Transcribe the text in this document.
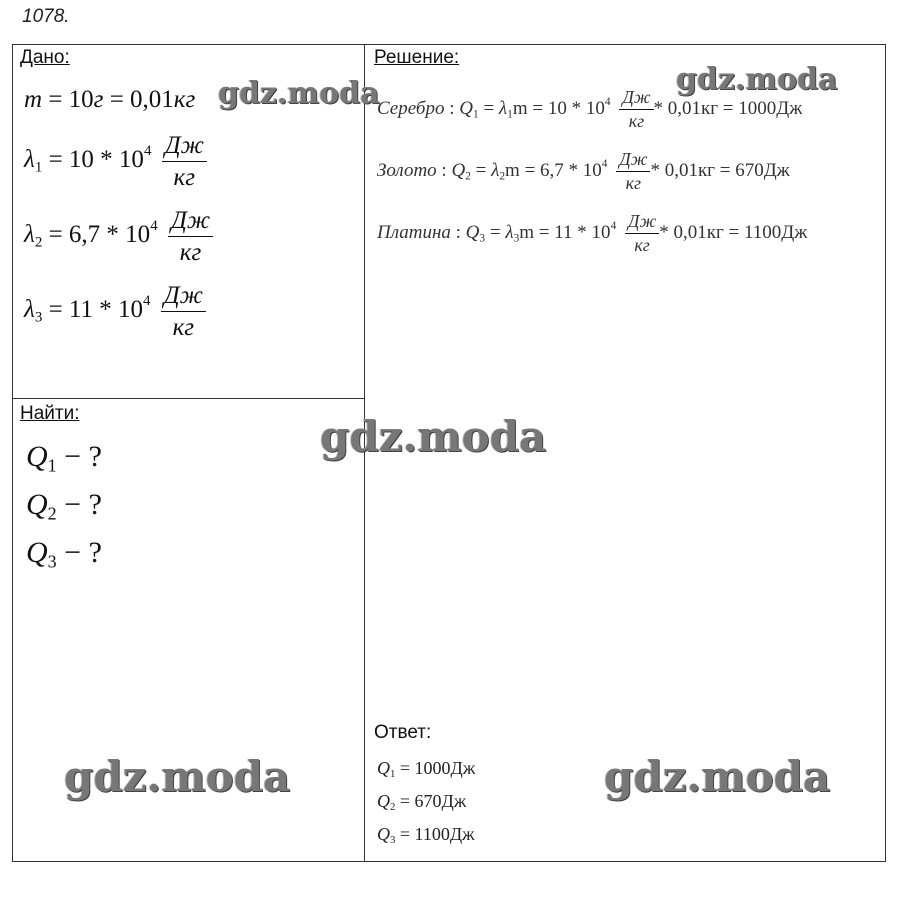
1078.
Дано:
m = 10г = 0,01кг
$\lambda_1 = 10 * 10^4 \frac{Дж}{кг}$
$\lambda_2 = 6,7 * 10^4 \frac{Дж}{кг}$
$\lambda_3 = 11 * 10^4 \frac{Дж}{кг}$
Найти:
$Q_1$ − ?
$Q_2$ − ?
$Q_3$ − ?
Решение:
Серебро : $Q_1 = \lambda_1m = 10 * 10^4 \frac{Дж}{кг} * 0,01кг = 1000Дж$
Золото : $Q_2 = \lambda_2m = 6,7 * 10^4 \frac{Дж}{кг} * 0,01кг = 670Дж$
Платина : $Q_3 = \lambda_3m = 11 * 10^4 \frac{Дж}{кг} * 0,01кг = 1100Дж$
Ответ:
$Q_1 = 1000Дж$
$Q_2 = 670Дж$
$Q_3 = 1100Дж$
gdz.moda	gdz.moda
gdz.moda
gdz.moda	gdz.moda
